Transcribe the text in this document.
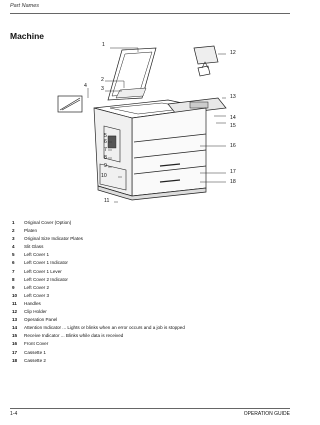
Part Names
Machine
1
12
2
3
4
13
14
15
5
6
7
16
8
9
10
17
18
11
1	Original Cover (Option)
2	Platen
3	Original Size Indicator Plates
4	Slit Glass
5	Left Cover 1
6	Left Cover 1 Indicator
7	Left Cover 1 Lever
8	Left Cover 2 Indicator
9	Left Cover 2
10	Left Cover 3
11	Handles
12	Clip Holder
13	Operation Panel
14	Attention Indicator ... Lights or blinks when an error occurs and a job is stopped
15	Receive Indicator ... Blinks while data is received
16	Front Cover
17	Cassette 1
18	Cassette 2
1-4	OPERATION GUIDE
